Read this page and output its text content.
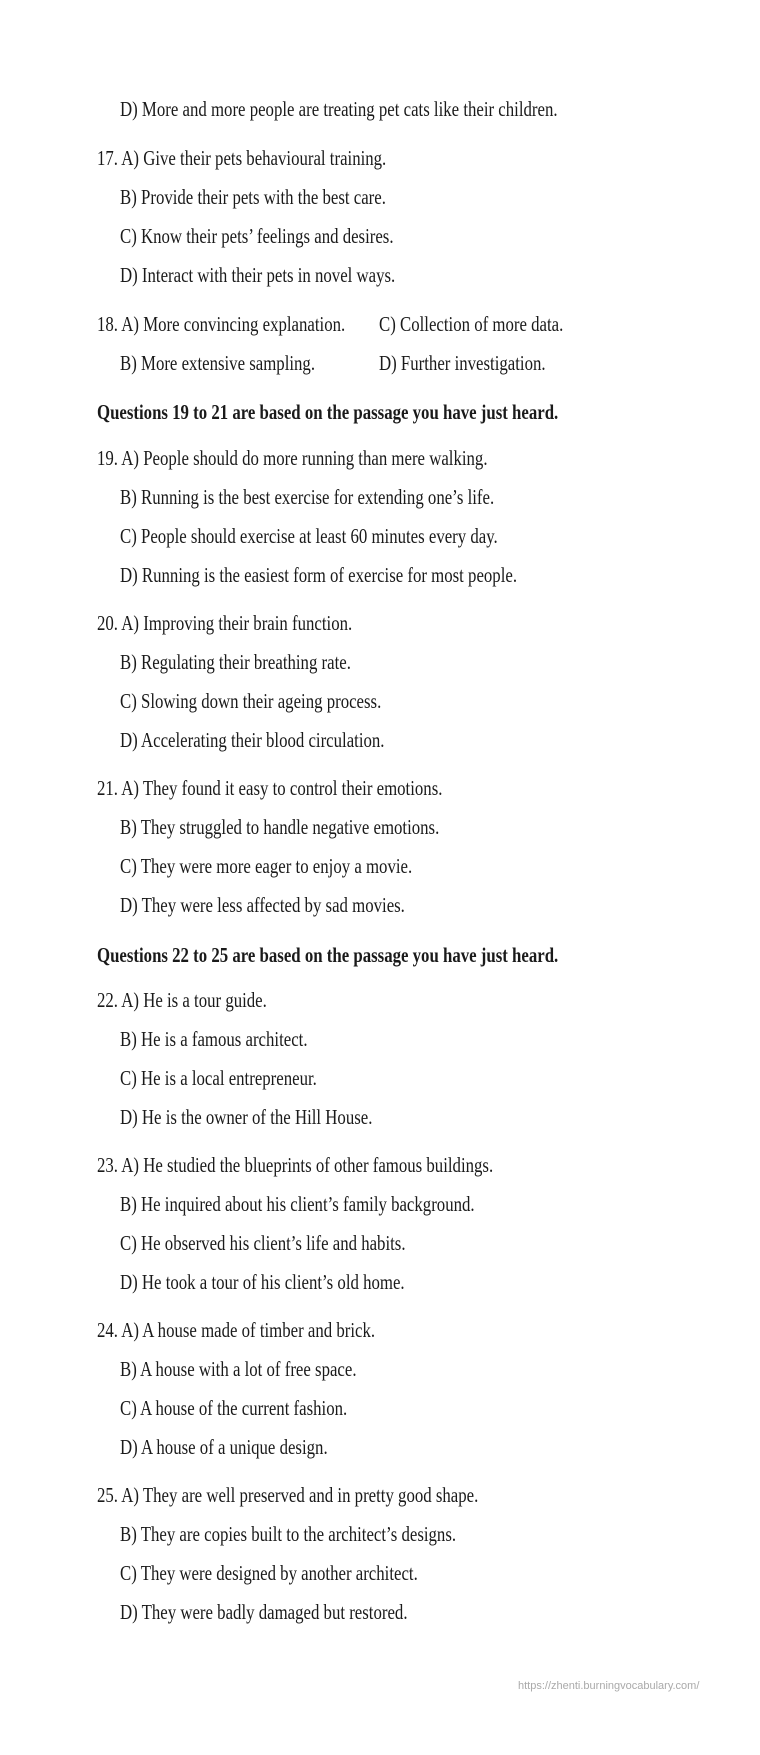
D) More and more people are treating pet cats like their children.
17. A) Give their pets behavioural training.
B) Provide their pets with the best care.
C) Know their pets’ feelings and desires.
D) Interact with their pets in novel ways.
18. A) More convincing explanation. C) Collection of more data.
B) More extensive sampling.	D) Further investigation.
Questions 19 to 21 are based on the passage you have just heard.
19. A) People should do more running than mere walking.
B) Running is the best exercise for extending one’s life.
C) People should exercise at least 60 minutes every day.
D) Running is the easiest form of exercise for most people.
20. A) Improving their brain function.
B) Regulating their breathing rate.
C) Slowing down their ageing process.
D) Accelerating their blood circulation.
21. A) They found it easy to control their emotions.
B) They struggled to handle negative emotions.
C) They were more eager to enjoy a movie.
D) They were less affected by sad movies.
Questions 22 to 25 are based on the passage you have just heard.
22. A) He is a tour guide.
B) He is a famous architect.
C) He is a local entrepreneur.
D) He is the owner of the Hill House.
23. A) He studied the blueprints of other famous buildings.
B) He inquired about his client’s family background.
C) He observed his client’s life and habits.
D) He took a tour of his client’s old home.
24. A) A house made of timber and brick.
B) A house with a lot of free space.
C) A house of the current fashion.
D) A house of a unique design.
25. A) They are well preserved and in pretty good shape.
B) They are copies built to the architect’s designs.
C) They were designed by another architect.
D) They were badly damaged but restored.
https://zhenti.burningvocabulary.com/
